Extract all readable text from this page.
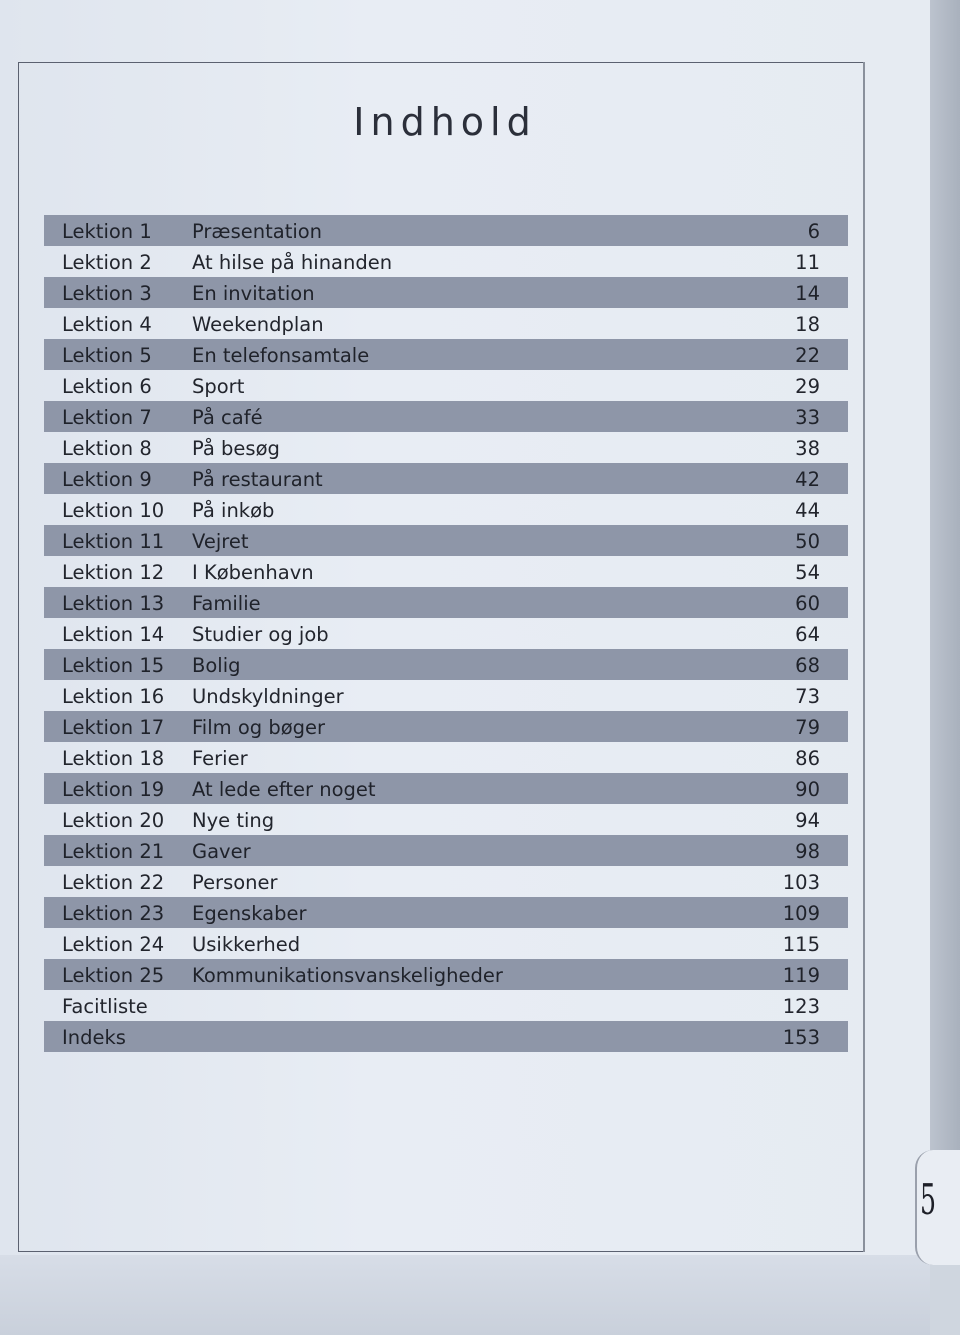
Indhold
Lektion 1 Præsentation	6
Lektion 2 At hilse på hinanden	11
Lektion 3 En invitation	14
Lektion 4 Weekendplan	18
Lektion 5 En telefonsamtale	22
Lektion 6 Sport	29
Lektion 7 På café	33
Lektion 8 På besøg	38
Lektion 9 På restaurant	42
Lektion 10 På inkøb	44
Lektion 11 Vejret	50
Lektion 12 I København	54
Lektion 13 Familie	60
Lektion 14 Studier og job	64
Lektion 15 Bolig	68
Lektion 16 Undskyldninger	73
Lektion 17 Film og bøger	79
Lektion 18 Ferier	86
Lektion 19 At lede efter noget	90
Lektion 20 Nye ting	94
Lektion 21 Gaver	98
Lektion 22 Personer	103
Lektion 23 Egenskaber	109
Lektion 24 Usikkerhed	115
Lektion 25 Kommunikationsvanskeligheder	119
Facitliste	123
Indeks	153
5
